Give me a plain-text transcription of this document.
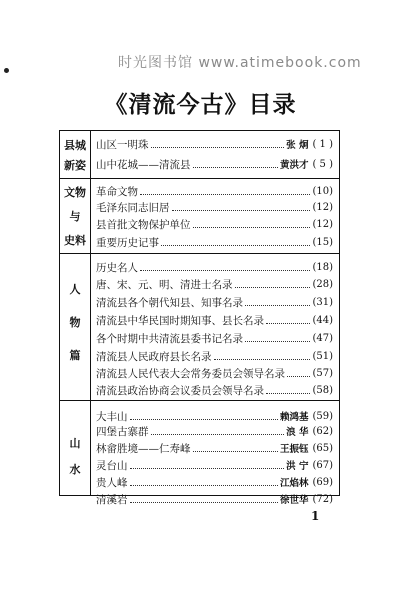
时光图书馆 www.atimebook.com
《清流今古》目录
县城
新姿
山区一明珠	张 炯 ( 1 )
山中花城——清流县	黄洪才 ( 5 )
文物
与
史料
革命文物	(10)
毛泽东同志旧居	(12)
县首批文物保护单位	(12)
重要历史记事	(15)
人
物
篇
历史名人	(18)
唐、宋、元、明、清进士名录	(28)
清流县各个朝代知县、知事名录	(31)
清流县中华民国时期知事、县长名录	(44)
各个时期中共清流县委书记名录	(47)
清流县人民政府县长名录	(51)
清流县人民代表大会常务委员会领导名录	(57)
清流县政治协商会议委员会领导名录	(58)
山
水
大丰山	赖鸿基 (59)
四堡古寨群	浪 华 (62)
林畲胜境——仁寿峰	王振钰 (65)
灵台山	洪 宁 (67)
贵人峰	江焰林 (69)
清溪岩	徐世华 (72)
1
